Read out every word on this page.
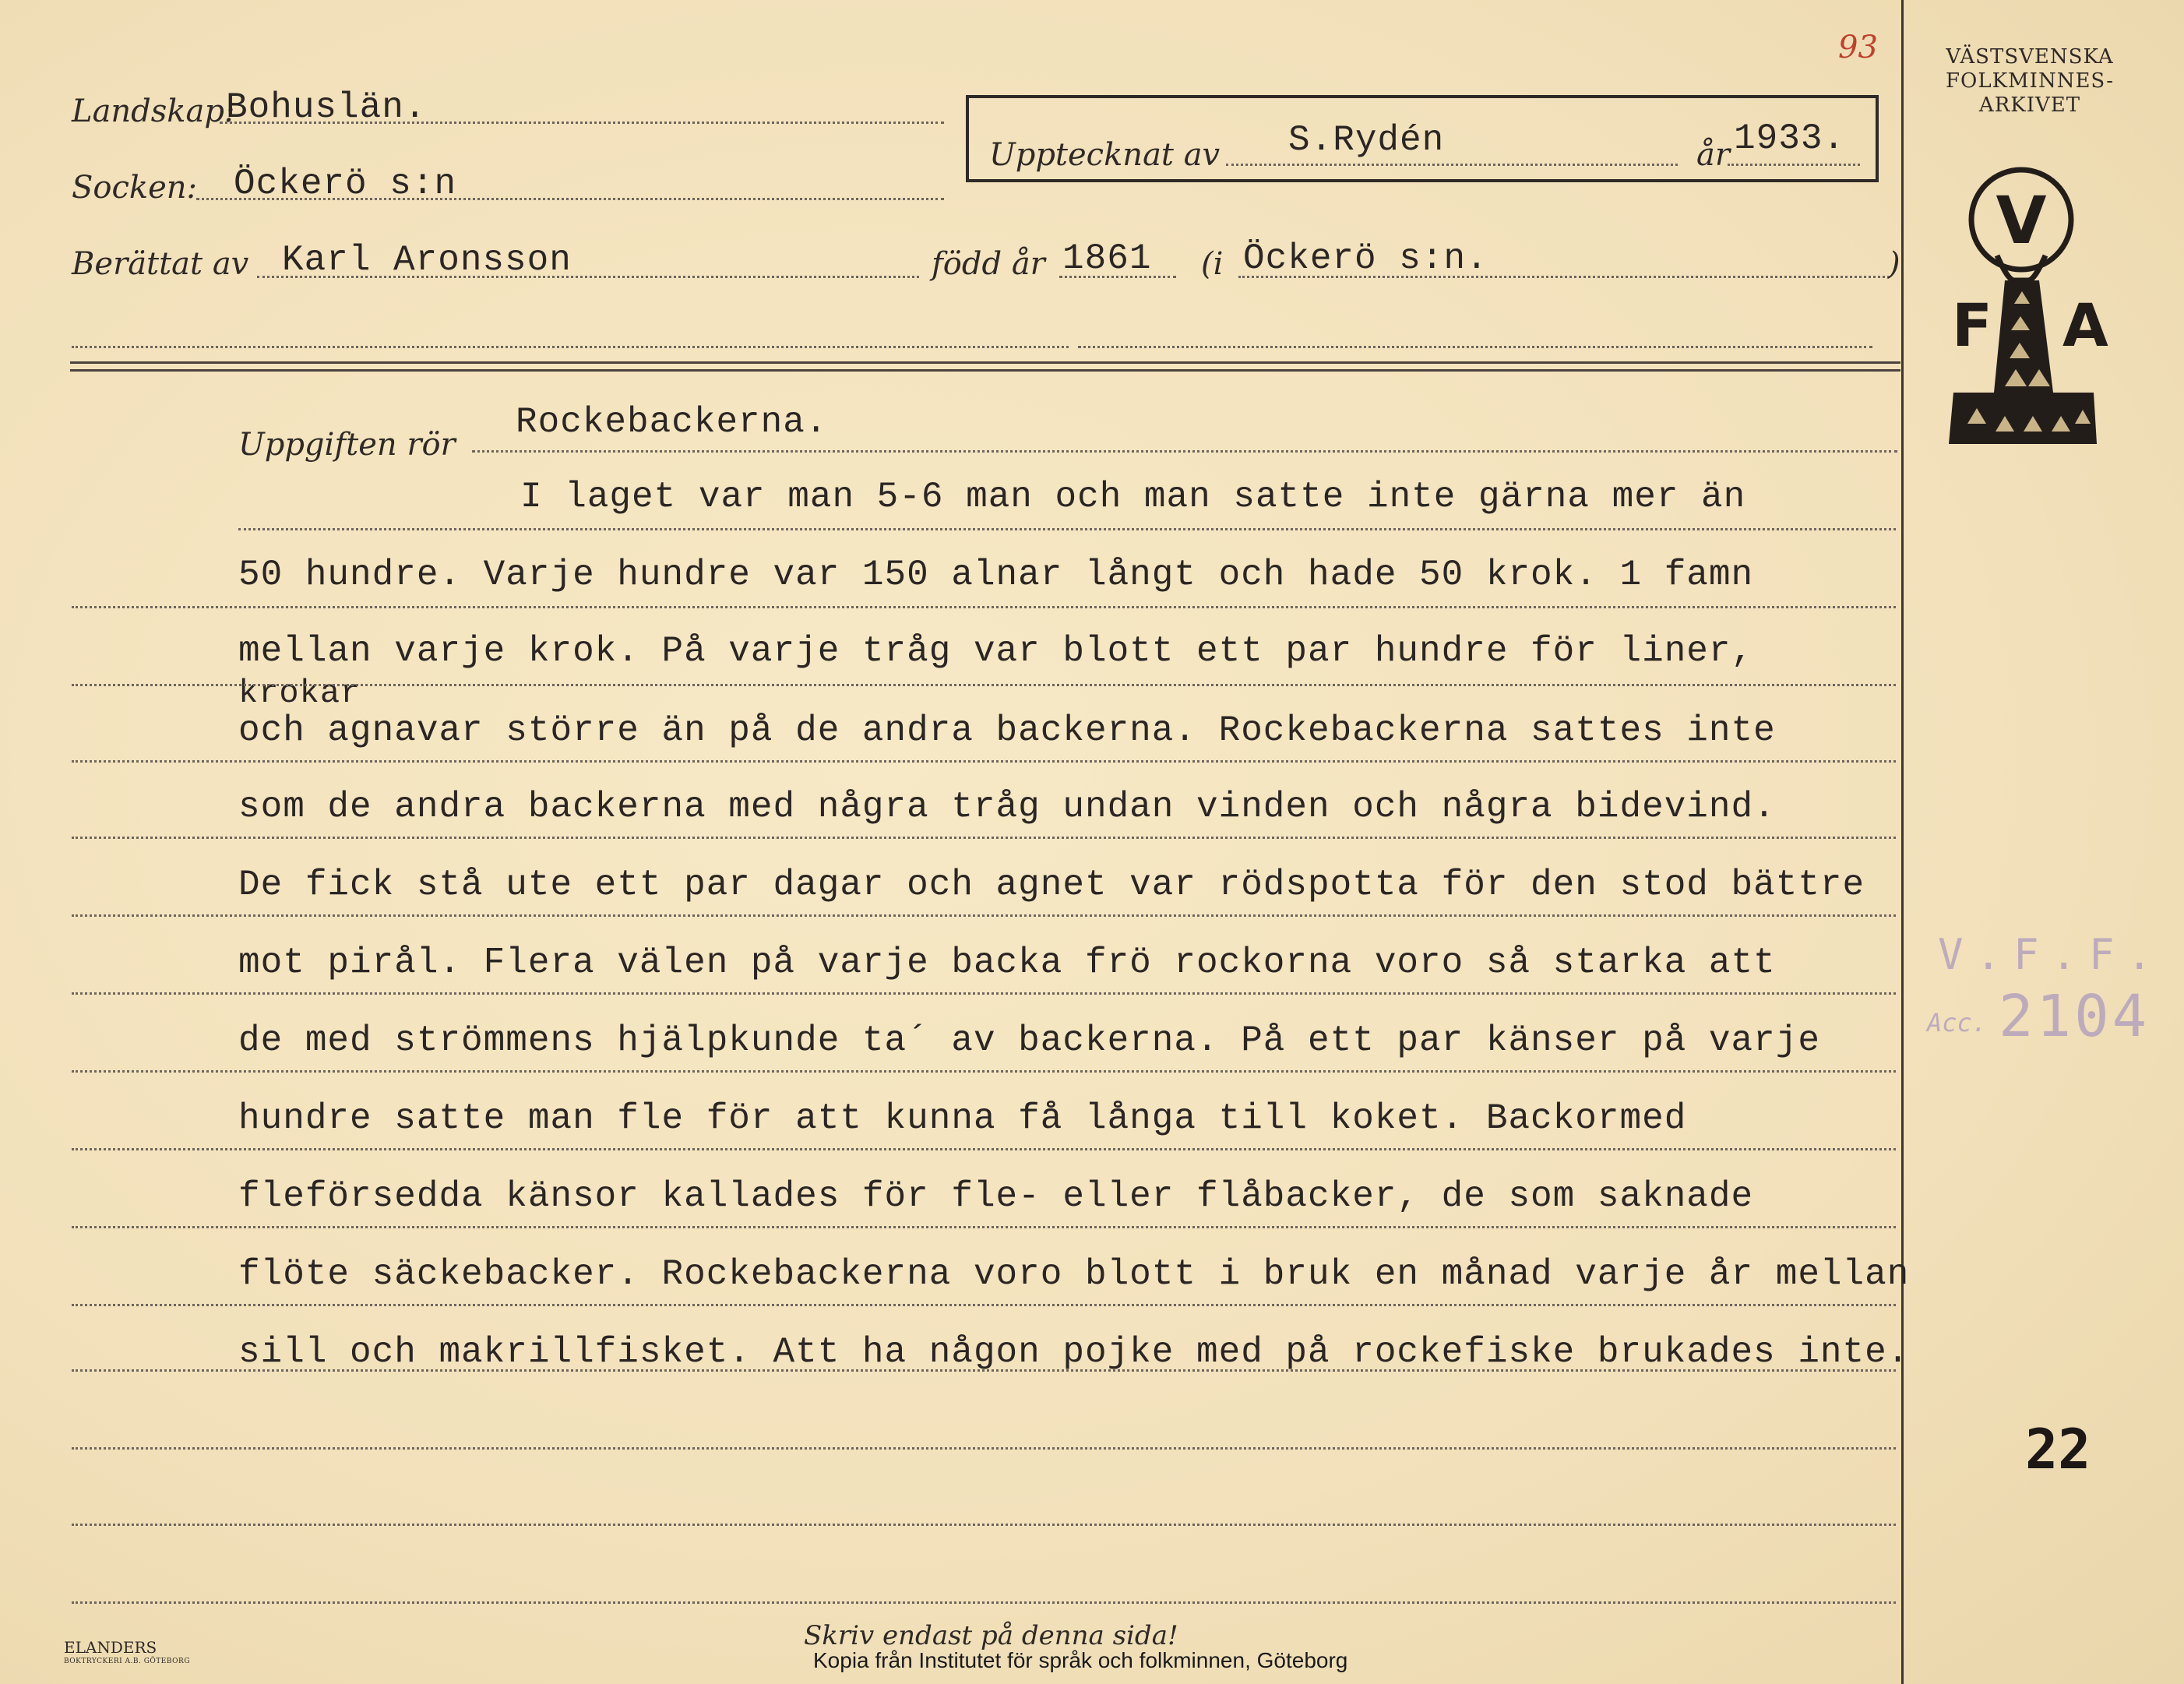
93
Landskap:
Bohuslän.
Socken: Öckerö s:n
Berättat av Karl Aronsson	född år 1861 (i Öckerö s:n.	)
Upptecknat av S.Rydén	år 1933.
VÄSTSVENSKA
FOLKMINNES-
ARKIVET
V
F A
V.F.F.
Acc. 2104
Uppgiften rör
Rockebackerna.
I laget var man 5-6 man och man satte inte gärna mer än
50 hundre. Varje hundre var 150 alnar långt och hade 50 krok. 1 famn
mellan varje krok. På varje tråg var blott ett par hundre för liner,
krokar
och agnavar större än på de andra backerna. Rockebackerna sattes inte
som de andra backerna med några tråg undan vinden och några bidevind.
De fick stå ute ett par dagar och agnet var rödspotta för den stod bättre
mot pirål. Flera välen på varje backa frö rockorna voro så starka att
de med strömmens hjälpkunde ta´ av backerna. På ett par känser på varje
hundre satte man fle för att kunna få långa till koket. Backormed
fleförsedda känsor kallades för fle- eller flåbacker, de som saknade
flöte säckebacker. Rockebackerna voro blott i bruk en månad varje år mellan
sill och makrillfisket. Att ha någon pojke med på rockefiske brukades inte.
22
ELANDERS
BOKTRYCKERI A.B. GÖTEBORG
Skriv endast på denna sida!
Kopia från Institutet för språk och folkminnen, Göteborg
